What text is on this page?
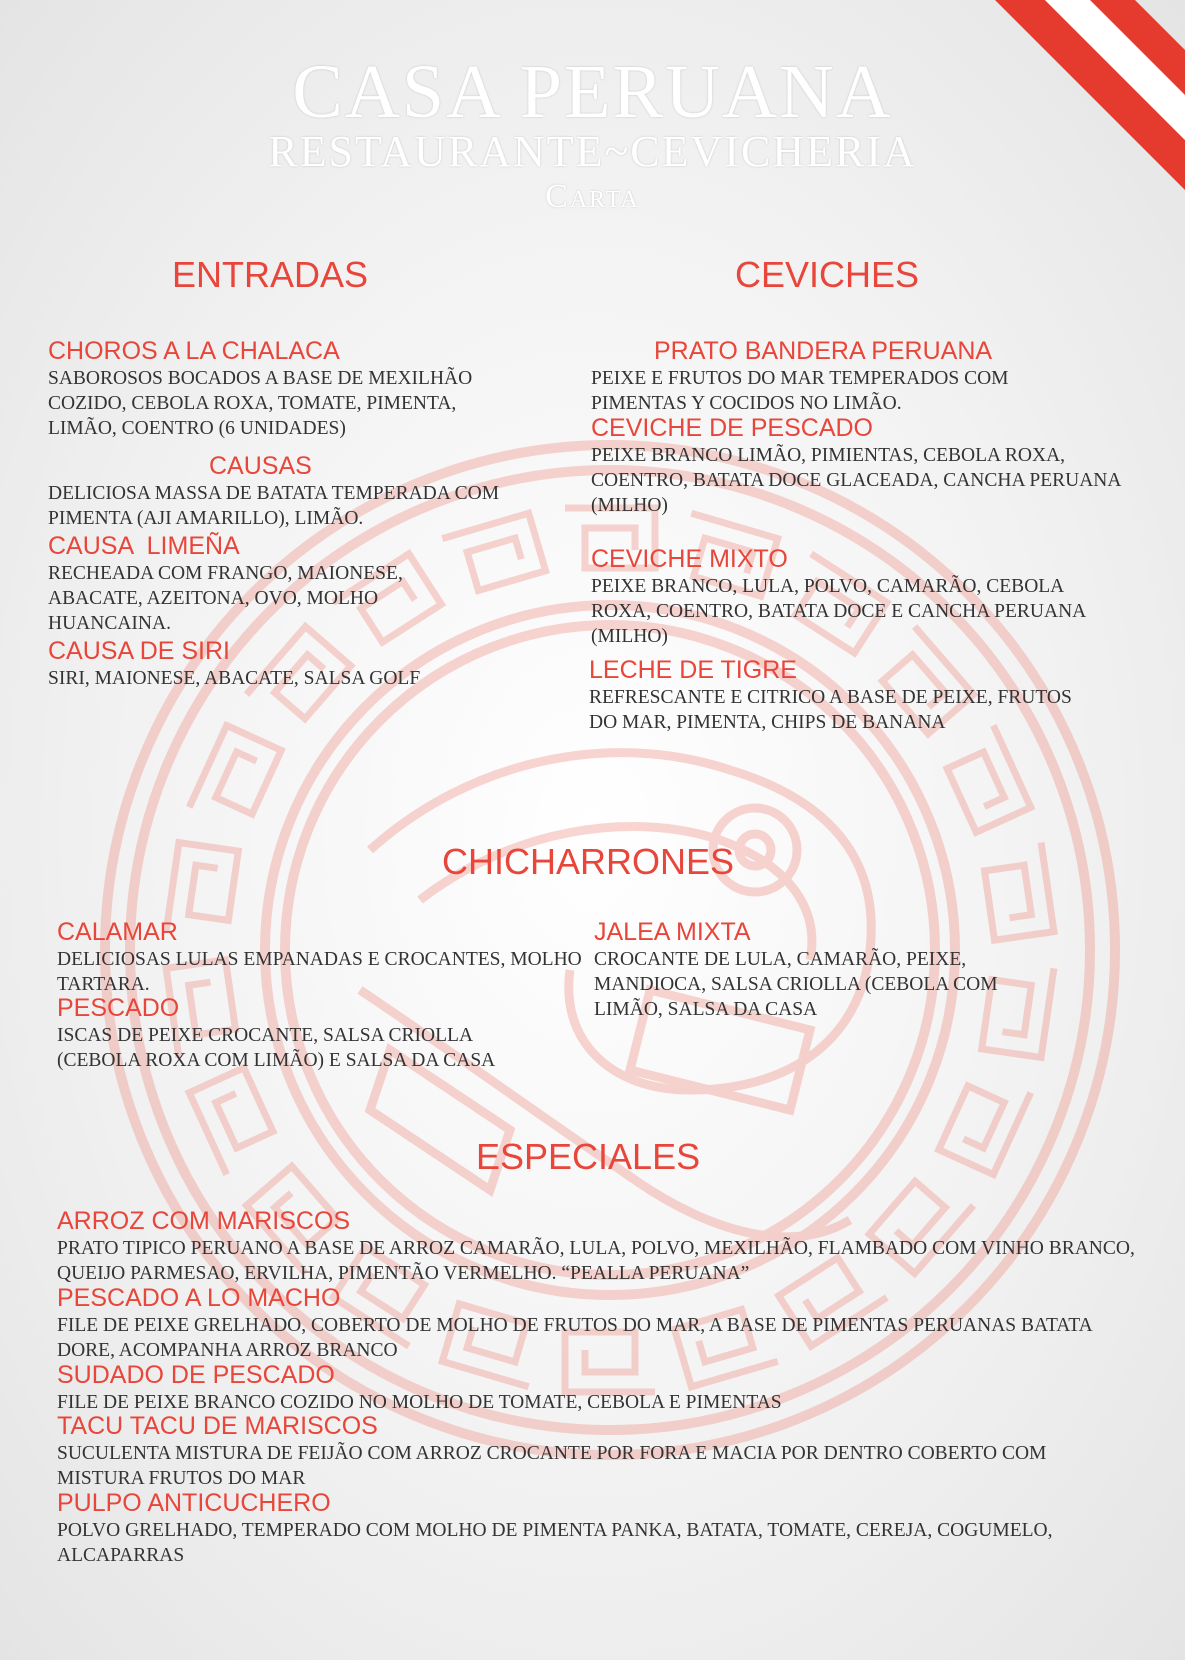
CASA PERUANA
RESTAURANTE~CEVICHERIA
Carta
ENTRADAS
CHOROS A LA CHALACA
SABOROSOS BOCADOS A BASE DE MEXILHÃO COZIDO, CEBOLA ROXA, TOMATE, PIMENTA, LIMÃO, COENTRO (6 UNIDADES)
CAUSAS
DELICIOSA MASSA DE BATATA TEMPERADA COM PIMENTA (AJI AMARILLO), LIMÃO.
CAUSA  LIMEÑA
RECHEADA COM FRANGO, MAIONESE, ABACATE, AZEITONA, OVO, MOLHO HUANCAINA.
CAUSA DE SIRI
SIRI, MAIONESE, ABACATE, SALSA GOLF
CEVICHES
PRATO BANDERA PERUANA
PEIXE E FRUTOS DO MAR TEMPERADOS COM PIMENTAS Y COCIDOS NO LIMÃO.
CEVICHE DE PESCADO
PEIXE BRANCO LIMÃO, PIMIENTAS, CEBOLA ROXA, COENTRO, BATATA DOCE GLACEADA, CANCHA PERUANA (MILHO)
CEVICHE MIXTO
PEIXE BRANCO, LULA, POLVO, CAMARÃO, CEBOLA ROXA, COENTRO, BATATA DOCE E CANCHA PERUANA (MILHO)
LECHE DE TIGRE
REFRESCANTE E CITRICO A BASE DE PEIXE, FRUTOS DO MAR, PIMENTA, CHIPS DE BANANA
CHICHARRONES
CALAMAR
DELICIOSAS LULAS EMPANADAS E CROCANTES, MOLHO TARTARA.
PESCADO
ISCAS DE PEIXE CROCANTE, SALSA CRIOLLA (CEBOLA ROXA COM LIMÃO) E SALSA DA CASA
JALEA MIXTA
CROCANTE DE LULA, CAMARÃO, PEIXE, MANDIOCA, SALSA CRIOLLA (CEBOLA COM LIMÃO, SALSA DA CASA
ESPECIALES
ARROZ COM MARISCOS
PRATO TIPICO PERUANO A BASE DE ARROZ CAMARÃO, LULA, POLVO, MEXILHÃO, FLAMBADO COM VINHO BRANCO, QUEIJO PARMESAO, ERVILHA, PIMENTÃO VERMELHO. “PEALLA PERUANA”
PESCADO A LO MACHO
FILE DE PEIXE GRELHADO, COBERTO DE MOLHO DE FRUTOS DO MAR, A BASE DE PIMENTAS PERUANAS BATATA DORE, ACOMPANHA ARROZ BRANCO
SUDADO DE PESCADO
FILE DE PEIXE BRANCO COZIDO NO MOLHO DE TOMATE, CEBOLA E PIMENTAS
TACU TACU DE MARISCOS
SUCULENTA MISTURA DE FEIJÃO COM ARROZ CROCANTE POR FORA E MACIA POR DENTRO COBERTO COM MISTURA FRUTOS DO MAR
PULPO ANTICUCHERO
POLVO GRELHADO, TEMPERADO COM MOLHO DE PIMENTA PANKA, BATATA, TOMATE, CEREJA, COGUMELO, ALCAPARRAS
